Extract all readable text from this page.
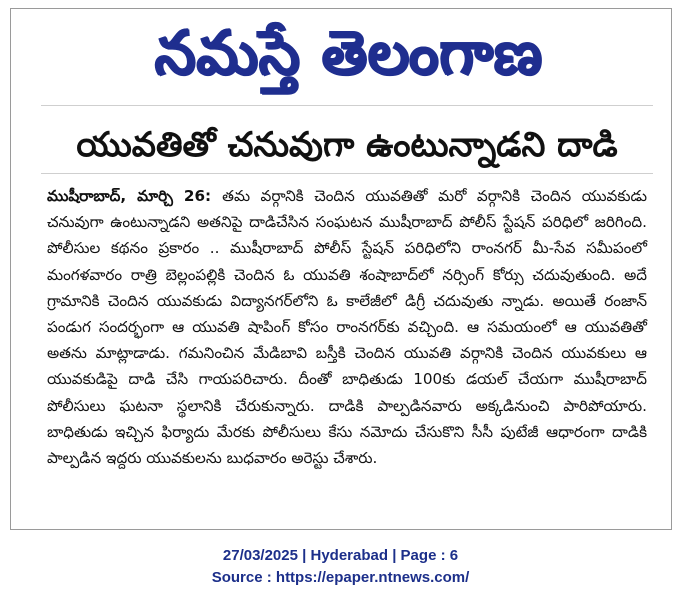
నమస్తే తెలంగాణ
యువతితో చనువుగా ఉంటున్నాడని దాడి
ముషీరాబాద్, మార్చి 26: తమ వర్గానికి చెందిన యువతితో మరో వర్గానికి చెందిన యువకుడు చనువుగా ఉంటున్నాడని అతనిపై దాడిచేసిన సంఘటన ముషీరాబాద్ పోలీస్ స్టేషన్ పరిధిలో జరిగింది. పోలీసుల కథనం ప్రకారం .. ముషీరాబాద్ పోలీస్ స్టేషన్ పరిధిలోని రాంనగర్ మీ-సేవ సమీపంలో మంగళవారం రాత్రి బెల్లంపల్లికి చెందిన ఓ యువతి శంషాబాద్‌లో నర్సింగ్ కోర్సు చదువుతుంది. అదే గ్రామానికి చెందిన యువకుడు విద్యానగర్‌లోని ఓ కాలేజీలో డిగ్రీ చదువుతు న్నాడు. అయితే రంజాన్ పండుగ సందర్భంగా ఆ యువతి షాపింగ్ కోసం రాంనగర్‌కు వచ్చింది. ఆ సమయంలో ఆ యువతితో అతను మాట్లాడాడు. గమనించిన మేడిబావి బస్తీకి చెందిన యువతి వర్గానికి చెందిన యువకులు ఆ యువకుడిపై దాడి చేసి గాయపరిచారు. దీంతో బాధితుడు 100కు డయల్ చేయగా ముషీరాబాద్ పోలీసులు ఘటనా స్థలానికి చేరుకున్నారు. దాడికి పాల్పడినవారు అక్కడినుంచి పారిపోయారు. బాధితుడు ఇచ్చిన ఫిర్యాదు మేరకు పోలీసులు కేసు నమోదు చేసుకొని సీసీ పుటేజీ ఆధారంగా దాడికి పాల్పడిన ఇద్దరు యువకులను బుధవారం అరెస్టు చేశారు.
27/03/2025 | Hyderabad | Page : 6
Source : https://epaper.ntnews.com/
